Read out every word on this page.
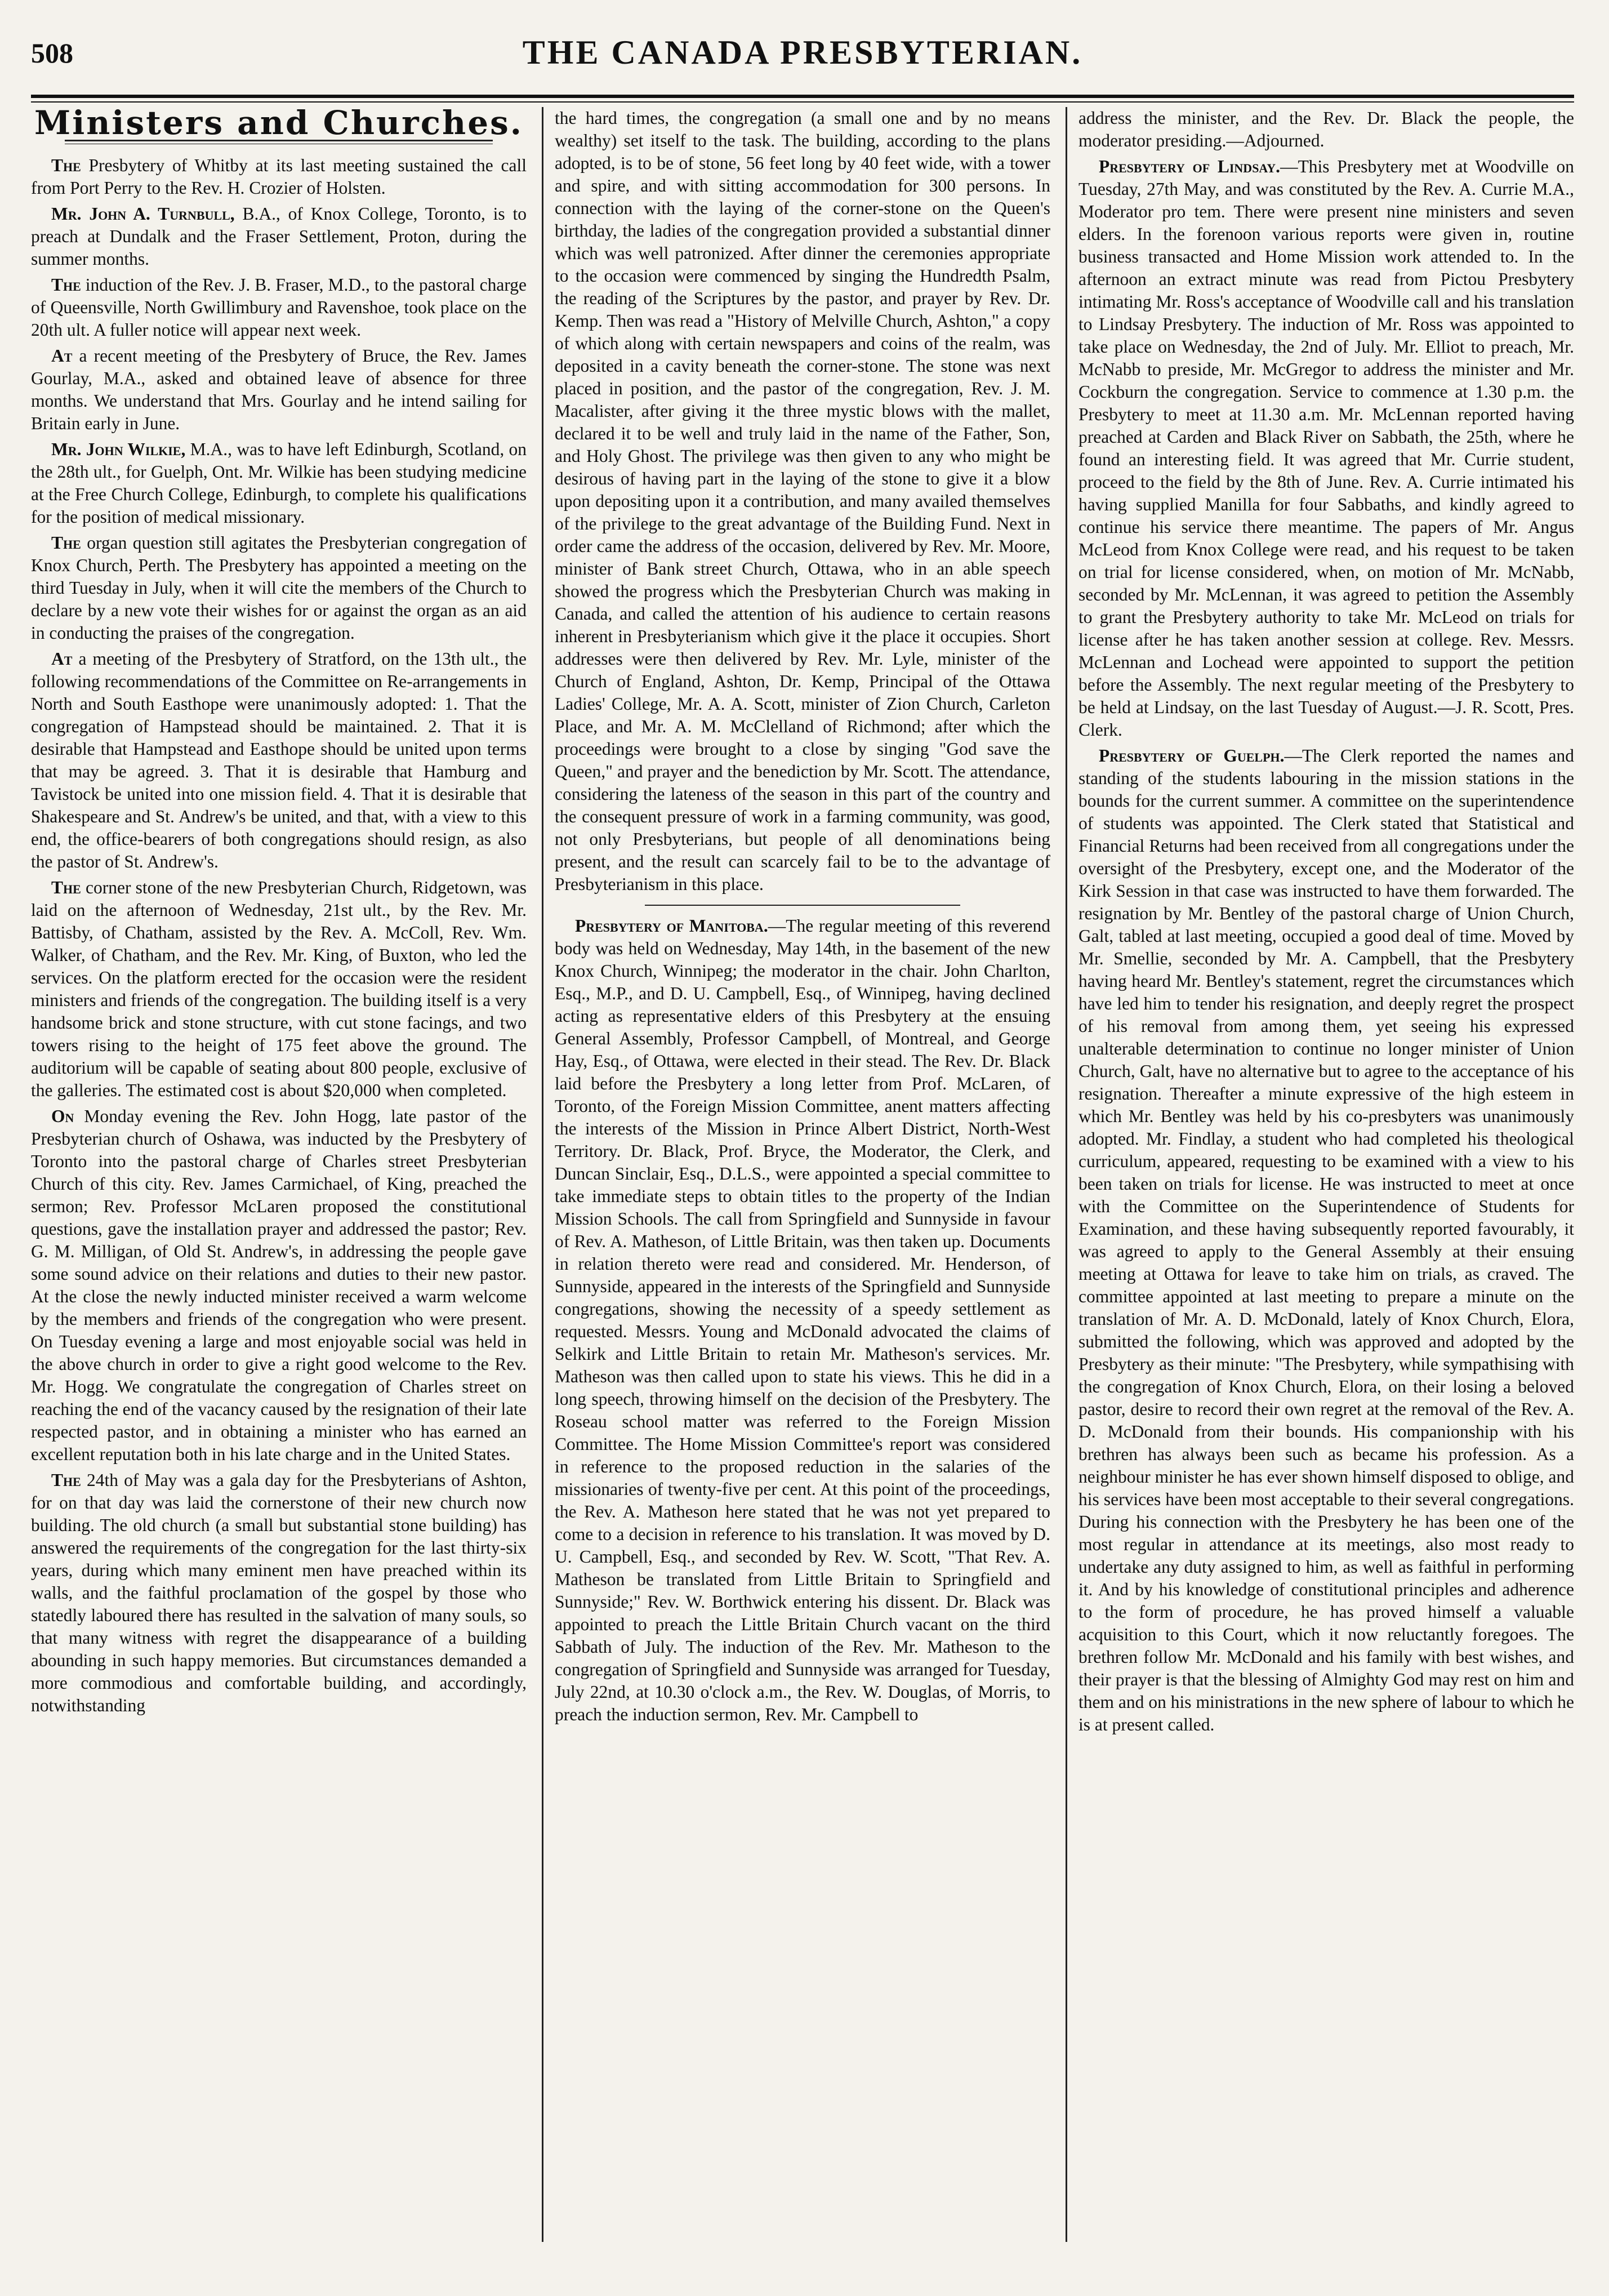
508	THE CANADA PRESBYTERIAN.
Ministers and Churches.

The Presbytery of Whitby at its last meeting sustained the call from Port Perry to the Rev. H. Crozier of Holsten.

Mr. John A. Turnbull, B.A., of Knox College, Toronto, is to preach at Dundalk and the Fraser Settlement, Proton, during the summer months.

The induction of the Rev. J. B. Fraser, M.D., to the pastoral charge of Queensville, North Gwillimbury and Ravenshoe, took place on the 20th ult. A fuller notice will appear next week.

At a recent meeting of the Presbytery of Bruce, the Rev. James Gourlay, M.A., asked and obtained leave of absence for three months. We understand that Mrs. Gourlay and he intend sailing for Britain early in June.

Mr. John Wilkie, M.A., was to have left Edinburgh, Scotland, on the 28th ult., for Guelph, Ont. Mr. Wilkie has been studying medicine at the Free Church College, Edinburgh, to complete his qualifications for the position of medical missionary.

The organ question still agitates the Presbyterian congregation of Knox Church, Perth. The Presbytery has appointed a meeting on the third Tuesday in July, when it will cite the members of the Church to declare by a new vote their wishes for or against the organ as an aid in conducting the praises of the congregation.

At a meeting of the Presbytery of Stratford, on the 13th ult., the following recommendations of the Committee on Re-arrangements in North and South Easthope were unanimously adopted: 1. That the congregation of Hampstead should be maintained. 2. That it is desirable that Hampstead and Easthope should be united upon terms that may be agreed. 3. That it is desirable that Hamburg and Tavistock be united into one mission field. 4. That it is desirable that Shakespeare and St. Andrew's be united, and that, with a view to this end, the office-bearers of both congregations should resign, as also the pastor of St. Andrew's.

The corner stone of the new Presbyterian Church, Ridgetown, was laid on the afternoon of Wednesday, 21st ult., by the Rev. Mr. Battisby, of Chatham, assisted by the Rev. A. McColl, Rev. Wm. Walker, of Chatham, and the Rev. Mr. King, of Buxton, who led the services. On the platform erected for the occasion were the resident ministers and friends of the congregation. The building itself is a very handsome brick and stone structure, with cut stone facings, and two towers rising to the height of 175 feet above the ground. The auditorium will be capable of seating about 800 people, exclusive of the galleries. The estimated cost is about $20,000 when completed.

On Monday evening the Rev. John Hogg, late pastor of the Presbyterian church of Oshawa, was inducted by the Presbytery of Toronto into the pastoral charge of Charles street Presbyterian Church of this city. Rev. James Carmichael, of King, preached the sermon; Rev. Professor McLaren proposed the constitutional questions, gave the installation prayer and addressed the pastor; Rev. G. M. Milligan, of Old St. Andrew's, in addressing the people gave some sound advice on their relations and duties to their new pastor. At the close the newly inducted minister received a warm welcome by the members and friends of the congregation who were present. On Tuesday evening a large and most enjoyable social was held in the above church in order to give a right good welcome to the Rev. Mr. Hogg. We congratulate the congregation of Charles street on reaching the end of the vacancy caused by the resignation of their late respected pastor, and in obtaining a minister who has earned an excellent reputation both in his late charge and in the United States.

The 24th of May was a gala day for the Presbyterians of Ashton, for on that day was laid the cornerstone of their new church now building. The old church (a small but substantial stone building) has answered the requirements of the congregation for the last thirty-six years, during which many eminent men have preached within its walls, and the faithful proclamation of the gospel by those who statedly laboured there has resulted in the salvation of many souls, so that many witness with regret the disappearance of a building abounding in such happy memories. But circumstances demanded a more commodious and comfortable building, and accordingly, notwithstanding

the hard times, the congregation (a small one and by no means wealthy) set itself to the task. The building, according to the plans adopted, is to be of stone, 56 feet long by 40 feet wide, with a tower and spire, and with sitting accommodation for 300 persons. In connection with the laying of the corner-stone on the Queen's birthday, the ladies of the congregation provided a substantial dinner which was well patronized. After dinner the ceremonies appropriate to the occasion were commenced by singing the Hundredth Psalm, the reading of the Scriptures by the pastor, and prayer by Rev. Dr. Kemp. Then was read a "History of Melville Church, Ashton," a copy of which along with certain newspapers and coins of the realm, was deposited in a cavity beneath the corner-stone. The stone was next placed in position, and the pastor of the congregation, Rev. J. M. Macalister, after giving it the three mystic blows with the mallet, declared it to be well and truly laid in the name of the Father, Son, and Holy Ghost. The privilege was then given to any who might be desirous of having part in the laying of the stone to give it a blow upon depositing upon it a contribution, and many availed themselves of the privilege to the great advantage of the Building Fund. Next in order came the address of the occasion, delivered by Rev. Mr. Moore, minister of Bank street Church, Ottawa, who in an able speech showed the progress which the Presbyterian Church was making in Canada, and called the attention of his audience to certain reasons inherent in Presbyterianism which give it the place it occupies. Short addresses were then delivered by Rev. Mr. Lyle, minister of the Church of England, Ashton, Dr. Kemp, Principal of the Ottawa Ladies' College, Mr. A. A. Scott, minister of Zion Church, Carleton Place, and Mr. A. M. McClelland of Richmond; after which the proceedings were brought to a close by singing "God save the Queen," and prayer and the benediction by Mr. Scott. The attendance, considering the lateness of the season in this part of the country and the consequent pressure of work in a farming community, was good, not only Presbyterians, but people of all denominations being present, and the result can scarcely fail to be to the advantage of Presbyterianism in this place.

Presbytery of Manitoba.—The regular meeting of this reverend body was held on Wednesday, May 14th, in the basement of the new Knox Church, Winnipeg; the moderator in the chair. John Charlton, Esq., M.P., and D. U. Campbell, Esq., of Winnipeg, having declined acting as representative elders of this Presbytery at the ensuing General Assembly, Professor Campbell, of Montreal, and George Hay, Esq., of Ottawa, were elected in their stead. The Rev. Dr. Black laid before the Presbytery a long letter from Prof. McLaren, of Toronto, of the Foreign Mission Committee, anent matters affecting the interests of the Mission in Prince Albert District, North-West Territory. Dr. Black, Prof. Bryce, the Moderator, the Clerk, and Duncan Sinclair, Esq., D.L.S., were appointed a special committee to take immediate steps to obtain titles to the property of the Indian Mission Schools. The call from Springfield and Sunnyside in favour of Rev. A. Matheson, of Little Britain, was then taken up. Documents in relation thereto were read and considered. Mr. Henderson, of Sunnyside, appeared in the interests of the Springfield and Sunnyside congregations, showing the necessity of a speedy settlement as requested. Messrs. Young and McDonald advocated the claims of Selkirk and Little Britain to retain Mr. Matheson's services. Mr. Matheson was then called upon to state his views. This he did in a long speech, throwing himself on the decision of the Presbytery. The Roseau school matter was referred to the Foreign Mission Committee. The Home Mission Committee's report was considered in reference to the proposed reduction in the salaries of the missionaries of twenty-five per cent. At this point of the proceedings, the Rev. A. Matheson here stated that he was not yet prepared to come to a decision in reference to his translation. It was moved by D. U. Campbell, Esq., and seconded by Rev. W. Scott, "That Rev. A. Matheson be translated from Little Britain to Springfield and Sunnyside;" Rev. W. Borthwick entering his dissent. Dr. Black was appointed to preach the Little Britain Church vacant on the third Sabbath of July. The induction of the Rev. Mr. Matheson to the congregation of Springfield and Sunnyside was arranged for Tuesday, July 22nd, at 10.30 o'clock a.m., the Rev. W. Douglas, of Morris, to preach the induction sermon, Rev. Mr. Campbell to

address the minister, and the Rev. Dr. Black the people, the moderator presiding.—Adjourned.

Presbytery of Lindsay.—This Presbytery met at Woodville on Tuesday, 27th May, and was constituted by the Rev. A. Currie M.A., Moderator pro tem. There were present nine ministers and seven elders. In the forenoon various reports were given in, routine business transacted and Home Mission work attended to. In the afternoon an extract minute was read from Pictou Presbytery intimating Mr. Ross's acceptance of Woodville call and his translation to Lindsay Presbytery. The induction of Mr. Ross was appointed to take place on Wednesday, the 2nd of July. Mr. Elliot to preach, Mr. McNabb to preside, Mr. McGregor to address the minister and Mr. Cockburn the congregation. Service to commence at 1.30 p.m. the Presbytery to meet at 11.30 a.m. Mr. McLennan reported having preached at Carden and Black River on Sabbath, the 25th, where he found an interesting field. It was agreed that Mr. Currie student, proceed to the field by the 8th of June. Rev. A. Currie intimated his having supplied Manilla for four Sabbaths, and kindly agreed to continue his service there meantime. The papers of Mr. Angus McLeod from Knox College were read, and his request to be taken on trial for license considered, when, on motion of Mr. McNabb, seconded by Mr. McLennan, it was agreed to petition the Assembly to grant the Presbytery authority to take Mr. McLeod on trials for license after he has taken another session at college. Rev. Messrs. McLennan and Lochead were appointed to support the petition before the Assembly. The next regular meeting of the Presbytery to be held at Lindsay, on the last Tuesday of August.—J. R. Scott, Pres. Clerk.

Presbytery of Guelph.—The Clerk reported the names and standing of the students labouring in the mission stations in the bounds for the current summer. A committee on the superintendence of students was appointed. The Clerk stated that Statistical and Financial Returns had been received from all congregations under the oversight of the Presbytery, except one, and the Moderator of the Kirk Session in that case was instructed to have them forwarded. The resignation by Mr. Bentley of the pastoral charge of Union Church, Galt, tabled at last meeting, occupied a good deal of time. Moved by Mr. Smellie, seconded by Mr. A. Campbell, that the Presbytery having heard Mr. Bentley's statement, regret the circumstances which have led him to tender his resignation, and deeply regret the prospect of his removal from among them, yet seeing his expressed unalterable determination to continue no longer minister of Union Church, Galt, have no alternative but to agree to the acceptance of his resignation. Thereafter a minute expressive of the high esteem in which Mr. Bentley was held by his co-presbyters was unanimously adopted. Mr. Findlay, a student who had completed his theological curriculum, appeared, requesting to be examined with a view to his been taken on trials for license. He was instructed to meet at once with the Committee on the Superintendence of Students for Examination, and these having subsequently reported favourably, it was agreed to apply to the General Assembly at their ensuing meeting at Ottawa for leave to take him on trials, as craved. The committee appointed at last meeting to prepare a minute on the translation of Mr. A. D. McDonald, lately of Knox Church, Elora, submitted the following, which was approved and adopted by the Presbytery as their minute: "The Presbytery, while sympathising with the congregation of Knox Church, Elora, on their losing a beloved pastor, desire to record their own regret at the removal of the Rev. A. D. McDonald from their bounds. His companionship with his brethren has always been such as became his profession. As a neighbour minister he has ever shown himself disposed to oblige, and his services have been most acceptable to their several congregations. During his connection with the Presbytery he has been one of the most regular in attendance at its meetings, also most ready to undertake any duty assigned to him, as well as faithful in performing it. And by his knowledge of constitutional principles and adherence to the form of procedure, he has proved himself a valuable acquisition to this Court, which it now reluctantly foregoes. The brethren follow Mr. McDonald and his family with best wishes, and their prayer is that the blessing of Almighty God may rest on him and them and on his ministrations in the new sphere of labour to which he is at present called.
